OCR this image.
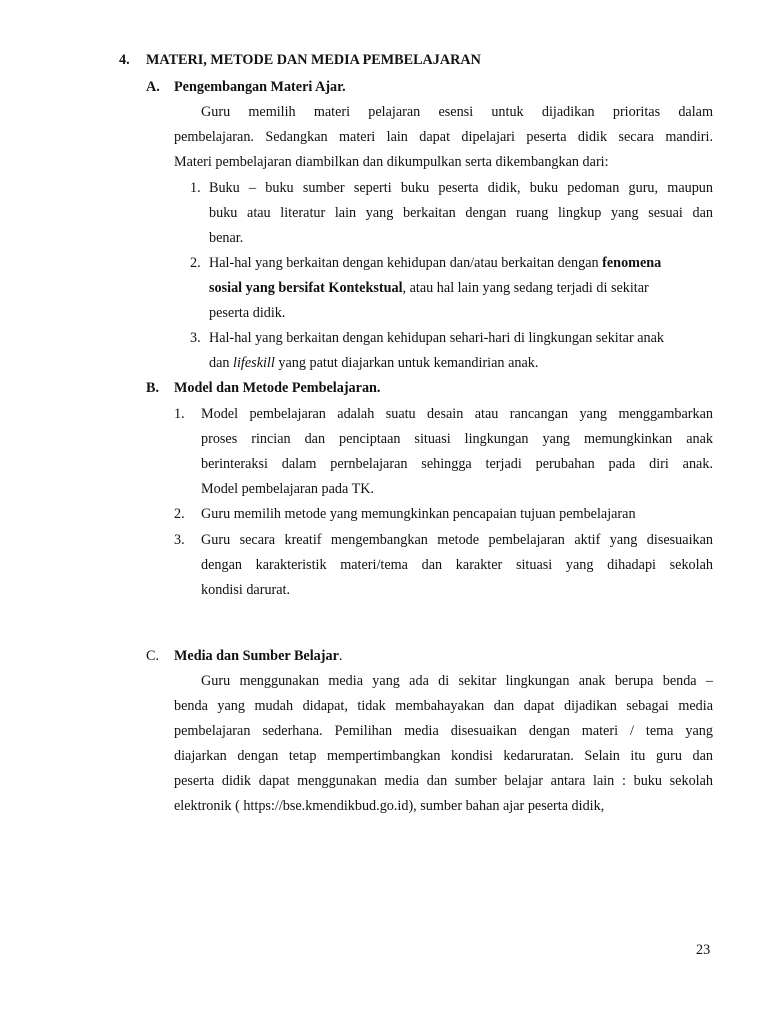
4. MATERI, METODE DAN MEDIA PEMBELAJARAN
A. Pengembangan Materi Ajar.
Guru memilih materi pelajaran esensi untuk dijadikan prioritas dalam
pembelajaran. Sedangkan materi lain dapat dipelajari peserta didik secara mandiri.
Materi pembelajaran diambilkan dan dikumpulkan serta dikembangkan dari:
1. Buku – buku sumber seperti buku peserta didik, buku pedoman guru, maupun
buku atau literatur lain yang berkaitan dengan ruang lingkup yang sesuai dan
benar.
2. Hal-hal yang berkaitan dengan kehidupan dan/atau berkaitan dengan fenomena
sosial yang bersifat Kontekstual, atau hal lain yang sedang terjadi di sekitar
peserta didik.
3. Hal-hal yang berkaitan dengan kehidupan sehari-hari di lingkungan sekitar anak
dan lifeskill yang patut diajarkan untuk kemandirian anak.
B. Model dan Metode Pembelajaran.
1. Model pembelajaran adalah suatu desain atau rancangan yang menggambarkan
proses rincian dan penciptaan situasi lingkungan yang memungkinkan anak
berinteraksi dalam pernbelajaran sehingga terjadi perubahan pada diri anak.
Model pembelajaran pada TK.
2. Guru memilih metode yang memungkinkan pencapaian tujuan pembelajaran
3. Guru secara kreatif mengembangkan metode pembelajaran aktif yang disesuaikan
dengan karakteristik materi/tema dan karakter situasi yang dihadapi sekolah
kondisi darurat.
C. Media dan Sumber Belajar.
Guru menggunakan media yang ada di sekitar lingkungan anak berupa benda –
benda yang mudah didapat, tidak membahayakan dan dapat dijadikan sebagai media
pembelajaran sederhana. Pemilihan media disesuaikan dengan materi / tema yang
diajarkan dengan tetap mempertimbangkan kondisi kedaruratan. Selain itu guru dan
peserta didik dapat menggunakan media dan sumber belajar antara lain : buku sekolah
elektronik ( https://bse.kmendikbud.go.id), sumber bahan ajar peserta didik,
23
